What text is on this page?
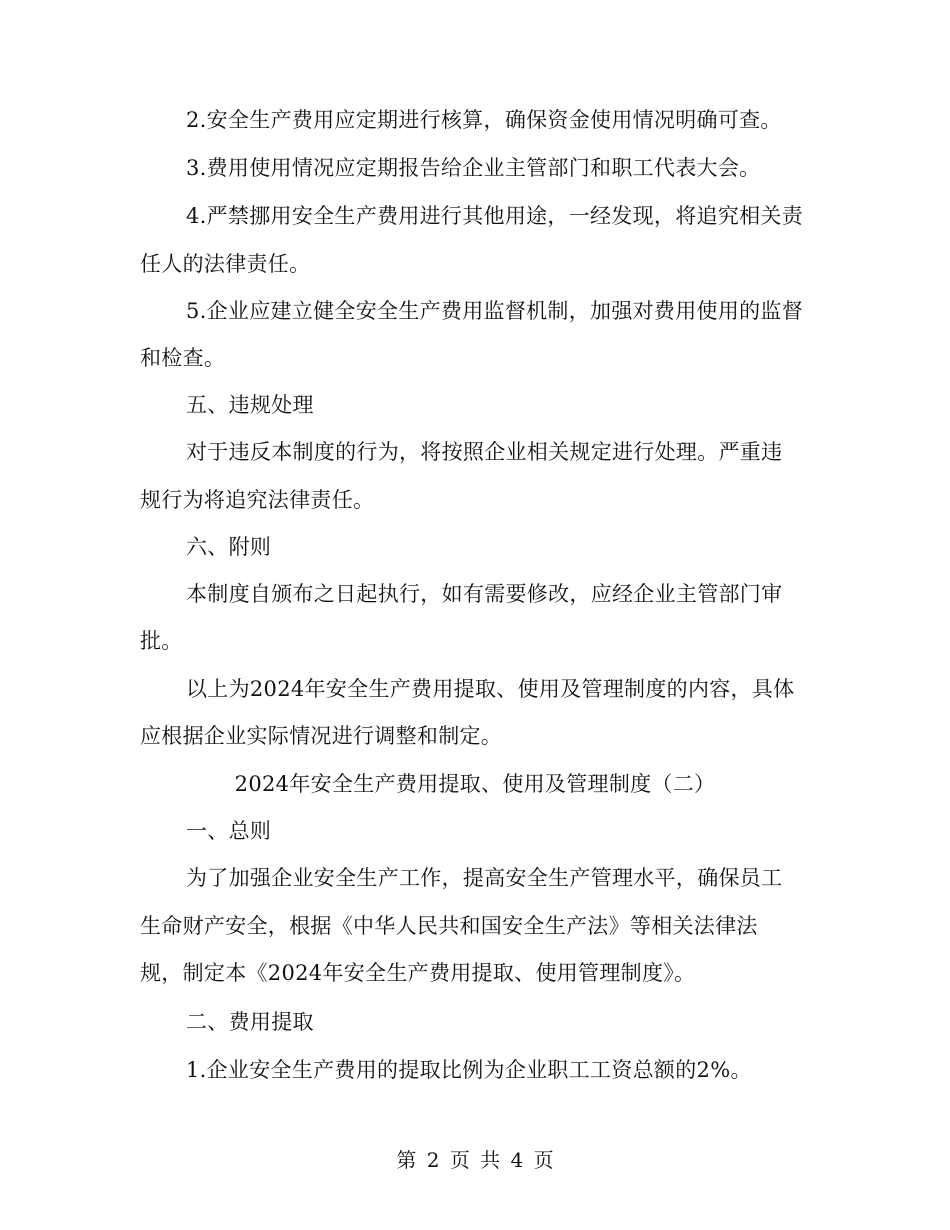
2.安全生产费用应定期进行核算，确保资金使用情况明确可查。
3.费用使用情况应定期报告给企业主管部门和职工代表大会。
4.严禁挪用安全生产费用进行其他用途，一经发现，将追究相关责
任人的法律责任。
5.企业应建立健全安全生产费用监督机制，加强对费用使用的监督
和检查。
五、违规处理
对于违反本制度的行为，将按照企业相关规定进行处理。严重违
规行为将追究法律责任。
六、附则
本制度自颁布之日起执行，如有需要修改，应经企业主管部门审
批。
以上为2024年安全生产费用提取、使用及管理制度的内容，具体
应根据企业实际情况进行调整和制定。
2024年安全生产费用提取、使用及管理制度（二）
一、总则
为了加强企业安全生产工作，提高安全生产管理水平，确保员工
生命财产安全，根据《中华人民共和国安全生产法》等相关法律法
规，制定本《2024年安全生产费用提取、使用管理制度》。
二、费用提取
1.企业安全生产费用的提取比例为企业职工工资总额的2%。
第 2 页 共 4 页
